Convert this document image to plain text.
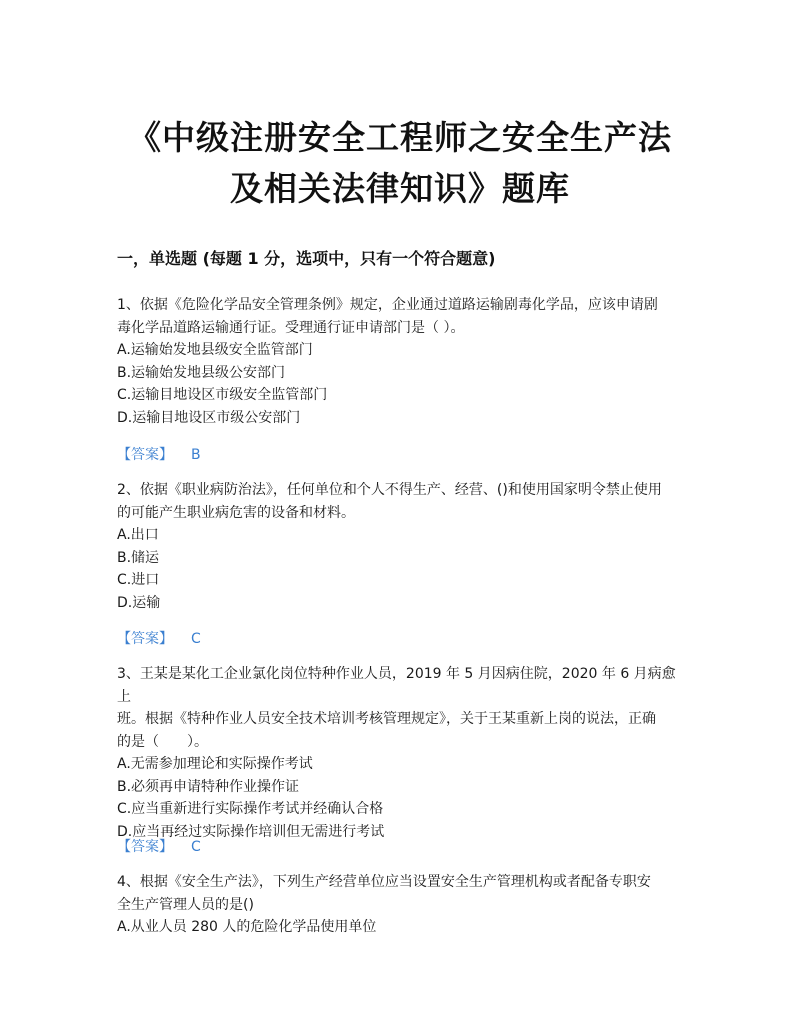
《中级注册安全工程师之安全生产法
及相关法律知识》题库
一，单选题 (每题 1 分，选项中，只有一个符合题意)

1、依据《危险化学品安全管理条例》规定，企业通过道路运输剧毒化学品，应该申请剧

毒化学品道路运输通行证。受理通行证申请部门是（ ）。

A.运输始发地县级安全监管部门

B.运输始发地县级公安部门

C.运输目地设区市级安全监管部门

D.运输目地设区市级公安部门

【答案】 B

2、依据《职业病防治法》，任何单位和个人不得生产、经营、()和使用国家明令禁止使用

的可能产生职业病危害的设备和材料。

A.出口

B.储运

C.进口

D.运输

【答案】 C

3、王某是某化工企业氯化岗位特种作业人员，2019 年 5 月因病住院，2020 年 6 月病愈上

班。根据《特种作业人员安全技术培训考核管理规定》，关于王某重新上岗的说法，正确

的是（　　）。

A.无需参加理论和实际操作考试

B.必须再申请特种作业操作证

C.应当重新进行实际操作考试并经确认合格

D.应当再经过实际操作培训但无需进行考试

【答案】 C

4、根据《安全生产法》，下列生产经营单位应当设置安全生产管理机构或者配备专职安

全生产管理人员的是()

A.从业人员 280 人的危险化学品使用单位
